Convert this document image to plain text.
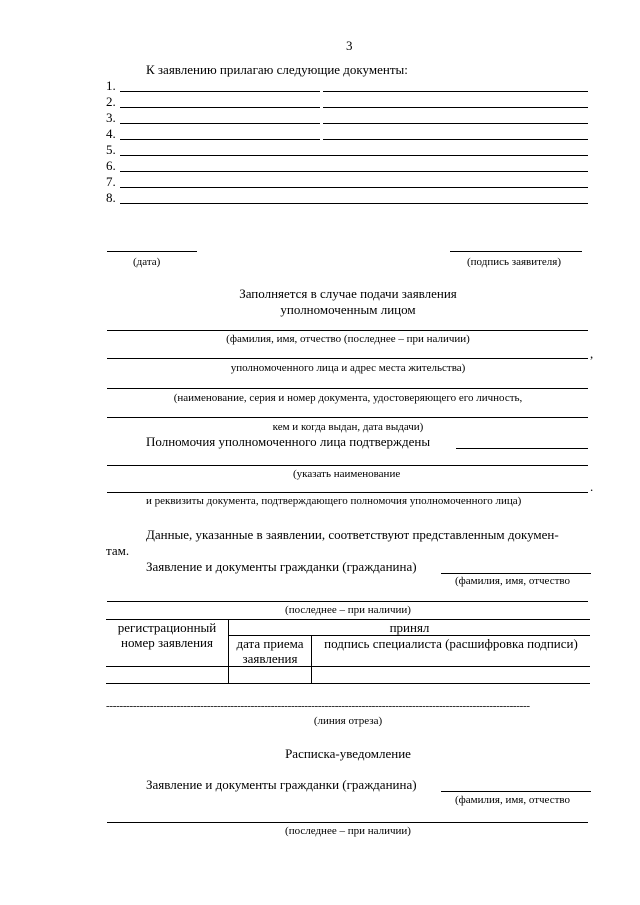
3
К заявлению прилагаю следующие документы:
1.
2.
3.
4.
5.
6.
7.
8.
(дата)	(подпись заявителя)
Заполняется в случае подачи заявления
уполномоченным лицом
(фамилия, имя, отчество (последнее – при наличии)
,
уполномоченного лица и адрес места жительства)
(наименование, серия и номер документа, удостоверяющего его личность,
кем и когда выдан, дата выдачи)
Полномочия уполномоченного лица подтверждены
(указать наименование
.
и реквизиты документа, подтверждающего полномочия уполномоченного лица)
Данные, указанные в заявлении, соответствуют представленным докумен-
там.
Заявление и документы гражданки (гражданина)
(фамилия, имя, отчество
(последнее – при наличии)
регистрационный
номер заявления	принял	

	дата приема
заявления	подпись специалиста (расшифровка подписи)

------------------------------------------------------------------------------------------------------------------------------
(линия отреза)
Расписка-уведомление
Заявление и документы гражданки (гражданина)
(фамилия, имя, отчество
(последнее – при наличии)
